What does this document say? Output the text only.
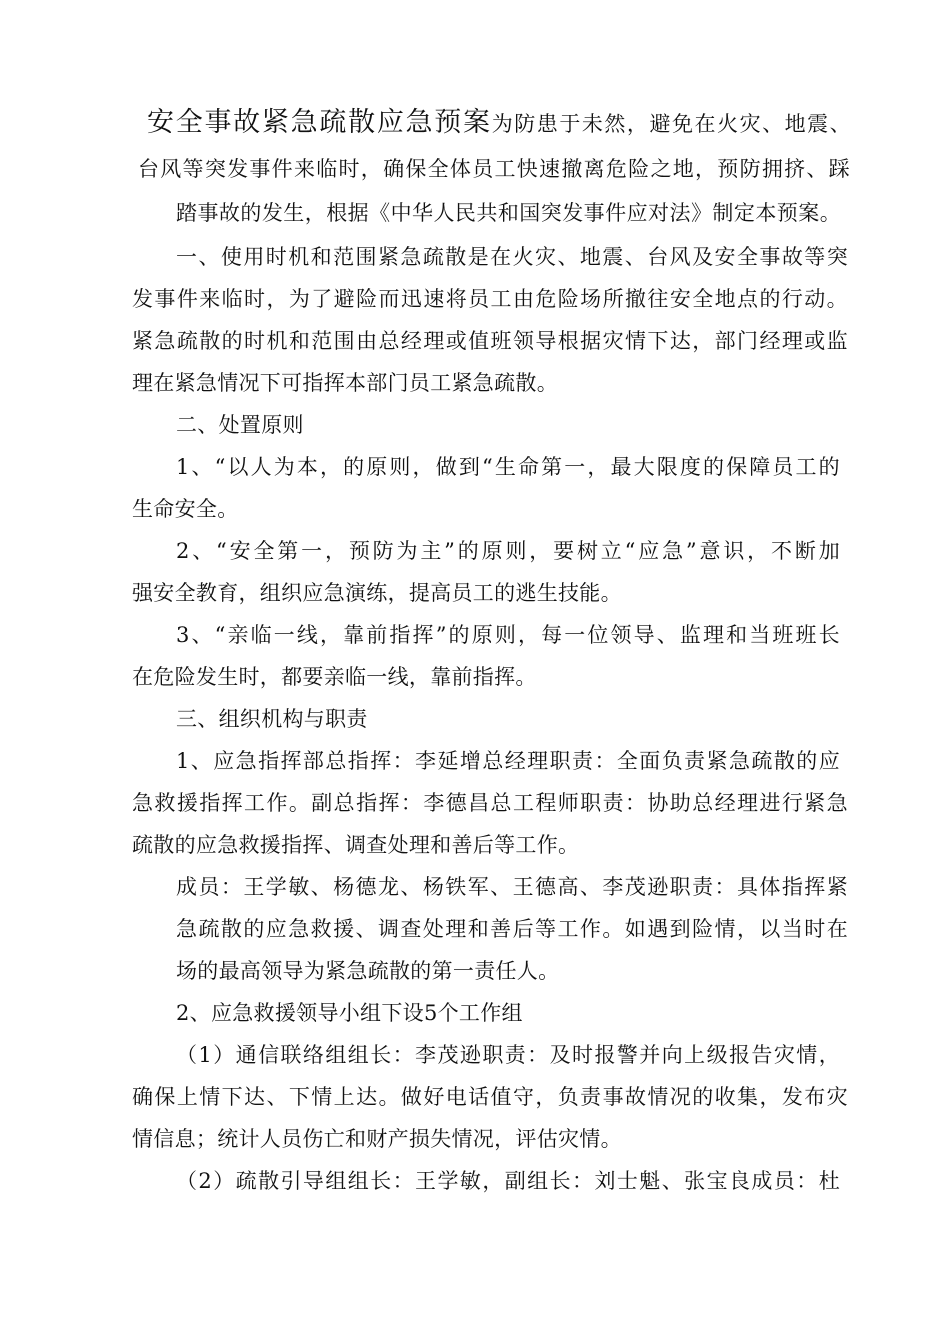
安全事故紧急疏散应急预案为防患于未然，避免在火灾、地震、
台风等突发事件来临时，确保全体员工快速撤离危险之地，预防拥挤、踩
踏事故的发生，根据《中华人民共和国突发事件应对法》制定本预案。
一、使用时机和范围紧急疏散是在火灾、地震、台风及安全事故等突
发事件来临时，为了避险而迅速将员工由危险场所撤往安全地点的行动。
紧急疏散的时机和范围由总经理或值班领导根据灾情下达，部门经理或监
理在紧急情况下可指挥本部门员工紧急疏散。
二、处置原则
1、“以人为本，的原则，做到“生命第一，最大限度的保障员工的
生命安全。
2、“安全第一，预防为主”的原则，要树立“应急”意识，不断加
强安全教育，组织应急演练，提高员工的逃生技能。
3、“亲临一线，靠前指挥”的原则，每一位领导、监理和当班班长
在危险发生时，都要亲临一线，靠前指挥。
三、组织机构与职责
1、应急指挥部总指挥：李延增总经理职责：全面负责紧急疏散的应
急救援指挥工作。副总指挥：李德昌总工程师职责：协助总经理进行紧急
疏散的应急救援指挥、调查处理和善后等工作。
成员：王学敏、杨德龙、杨铁军、王德高、李茂逊职责：具体指挥紧
急疏散的应急救援、调查处理和善后等工作。如遇到险情，以当时在
场的最高领导为紧急疏散的第一责任人。
2、应急救援领导小组下设5个工作组
（1）通信联络组组长：李茂逊职责：及时报警并向上级报告灾情，
确保上情下达、下情上达。做好电话值守，负责事故情况的收集，发布灾
情信息；统计人员伤亡和财产损失情况，评估灾情。
（2）疏散引导组组长：王学敏，副组长：刘士魁、张宝良成员：杜
